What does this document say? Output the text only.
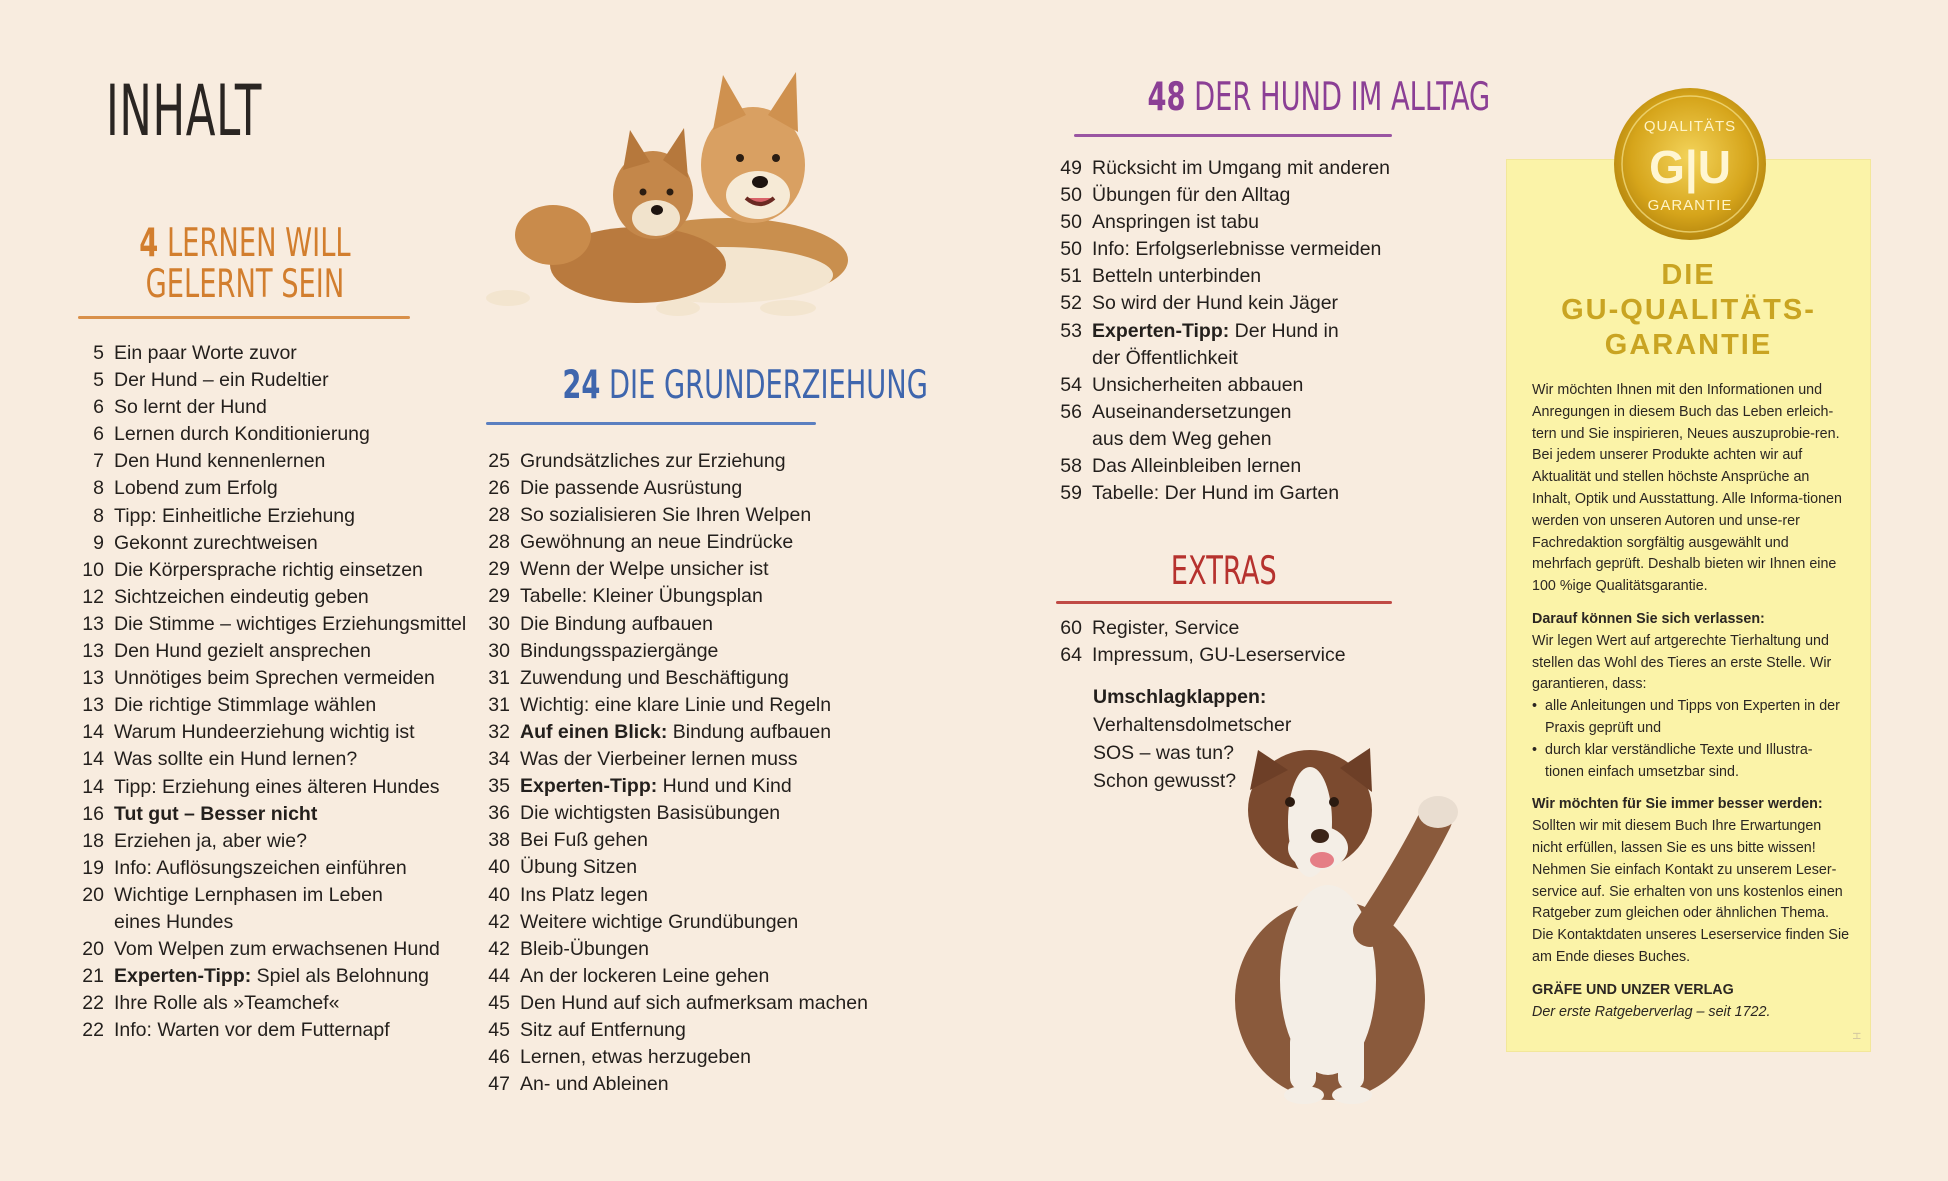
INHALT
4 LERNEN WILL
GELERNT SEIN
5 Ein paar Worte zuvor
5 Der Hund – ein Rudeltier
6 So lernt der Hund
6 Lernen durch Konditionierung
7 Den Hund kennenlernen
8 Lobend zum Erfolg
8 Tipp: Einheitliche Erziehung
9 Gekonnt zurechtweisen
10 Die Körpersprache richtig einsetzen
12 Sichtzeichen eindeutig geben
13 Die Stimme – wichtiges Erziehungsmittel
13 Den Hund gezielt ansprechen
13 Unnötiges beim Sprechen vermeiden
13 Die richtige Stimmlage wählen
14 Warum Hundeerziehung wichtig ist
14 Was sollte ein Hund lernen?
14 Tipp: Erziehung eines älteren Hundes
16 Tut gut – Besser nicht
18 Erziehen ja, aber wie?
19 Info: Auflösungszeichen einführen
20 Wichtige Lernphasen im Leben
eines Hundes
20 Vom Welpen zum erwachsenen Hund
21 Experten-Tipp: Spiel als Belohnung
22 Ihre Rolle als »Teamchef«
22 Info: Warten vor dem Futternapf
24 DIE GRUNDERZIEHUNG
25 Grundsätzliches zur Erziehung
26 Die passende Ausrüstung
28 So sozialisieren Sie Ihren Welpen
28 Gewöhnung an neue Eindrücke
29 Wenn der Welpe unsicher ist
29 Tabelle: Kleiner Übungsplan
30 Die Bindung aufbauen
30 Bindungsspaziergänge
31 Zuwendung und Beschäftigung
31 Wichtig: eine klare Linie und Regeln
32 Auf einen Blick: Bindung aufbauen
34 Was der Vierbeiner lernen muss
35 Experten-Tipp: Hund und Kind
36 Die wichtigsten Basisübungen
38 Bei Fuß gehen
40 Übung Sitzen
40 Ins Platz legen
42 Weitere wichtige Grundübungen
42 Bleib-Übungen
44 An der lockeren Leine gehen
45 Den Hund auf sich aufmerksam machen
45 Sitz auf Entfernung
46 Lernen, etwas herzugeben
47 An- und Ableinen
48 DER HUND IM ALLTAG
49 Rücksicht im Umgang mit anderen
50 Übungen für den Alltag
50 Anspringen ist tabu
50 Info: Erfolgserlebnisse vermeiden
51 Betteln unterbinden
52 So wird der Hund kein Jäger
53 Experten-Tipp: Der Hund in
der Öffentlichkeit
54 Unsicherheiten abbauen
56 Auseinandersetzungen
aus dem Weg gehen
58 Das Alleinbleiben lernen
59 Tabelle: Der Hund im Garten
EXTRAS
60 Register, Service
64 Impressum, GU-Leserservice
Umschlagklappen:
Verhaltensdolmetscher
SOS – was tun?
Schon gewusst?
QUALITÄTS
G|U
GARANTIE
DIE
GU-QUALITÄTS-
GARANTIE

Wir möchten Ihnen mit den Informationen und Anregungen in diesem Buch das Leben erleich-tern und Sie inspirieren, Neues auszuprobie-ren. Bei jedem unserer Produkte achten wir auf Aktualität und stellen höchste Ansprüche an Inhalt, Optik und Ausstattung. Alle Informa-tionen werden von unseren Autoren und unse-rer Fachredaktion sorgfältig ausgewählt und mehrfach geprüft. Deshalb bieten wir Ihnen eine 100 %ige Qualitätsgarantie.

Darauf können Sie sich verlassen:
Wir legen Wert auf artgerechte Tierhaltung und stellen das Wohl des Tieres an erste Stelle. Wir garantieren, dass:

• alle Anleitungen und Tipps von Experten in der Praxis geprüft und
• durch klar verständliche Texte und Illustra-tionen einfach umsetzbar sind.

Wir möchten für Sie immer besser werden:
Sollten wir mit diesem Buch Ihre Erwartungen nicht erfüllen, lassen Sie es uns bitte wissen! Nehmen Sie einfach Kontakt zu unserem Leser-service auf. Sie erhalten von uns kostenlos einen Ratgeber zum gleichen oder ähnlichen Thema. Die Kontaktdaten unseres Leserservice finden Sie am Ende dieses Buches.

GRÄFE UND UNZER VERLAG
Der erste Ratgeberverlag – seit 1722.

H
